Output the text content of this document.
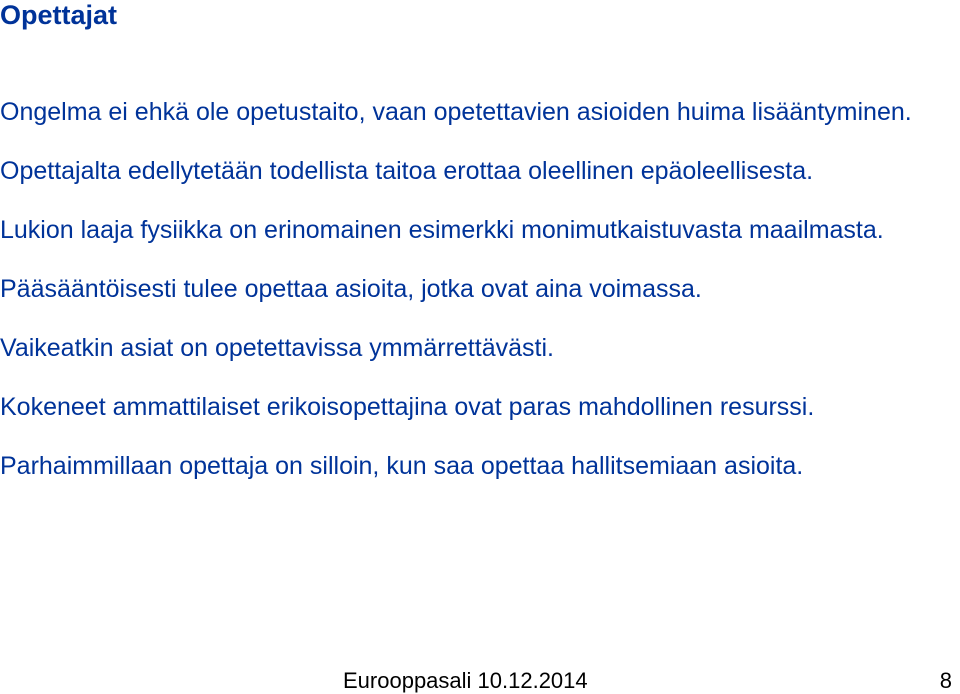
Opettajat

Ongelma ei ehkä ole opetustaito, vaan opetettavien asioiden huima lisääntyminen.

Opettajalta edellytetään todellista taitoa erottaa oleellinen epäoleellisesta.

Lukion laaja fysiikka on erinomainen esimerkki monimutkaistuvasta maailmasta.

Pääsääntöisesti tulee opettaa asioita, jotka ovat aina voimassa.

Vaikeatkin asiat on opetettavissa ymmärrettävästi.

Kokeneet ammattilaiset erikoisopettajina ovat paras mahdollinen resurssi.

Parhaimmillaan opettaja on silloin, kun saa opettaa hallitsemiaan asioita.

Eurooppasali 10.12.2014	8
